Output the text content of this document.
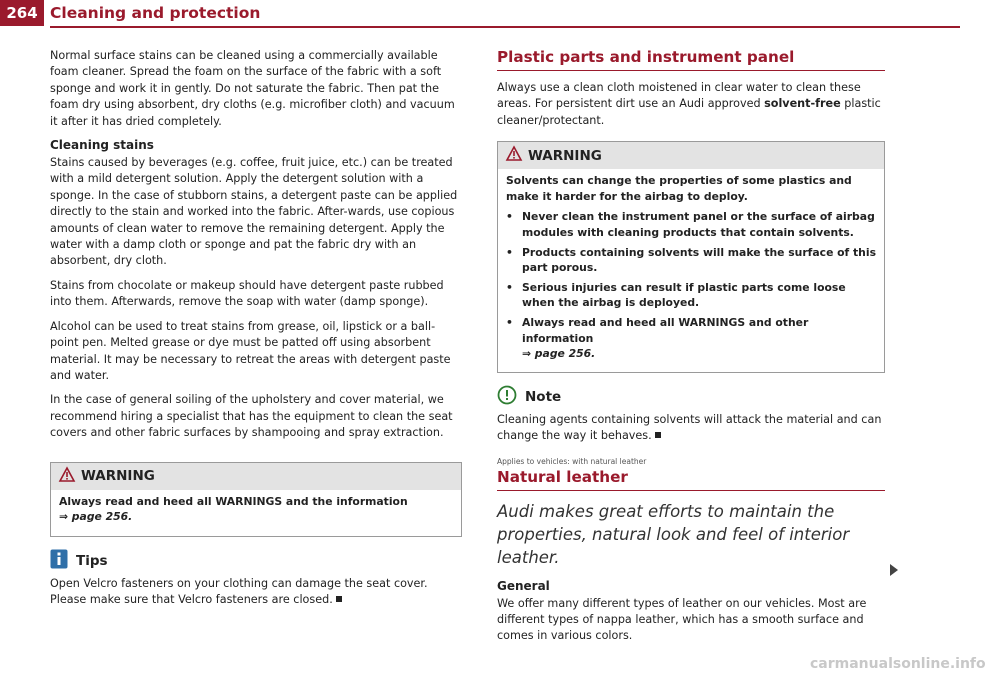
264 Cleaning and protection

Normal surface stains can be cleaned using a commercially available foam cleaner. Spread the foam on the surface of the fabric with a soft sponge and work it in gently. Do not saturate the fabric. Then pat the foam dry using absorbent, dry cloths (e.g. microfiber cloth) and vacuum it after it has dried completely.

Cleaning stains

Stains caused by beverages (e.g. coffee, fruit juice, etc.) can be treated with a mild detergent solution. Apply the detergent solution with a sponge. In the case of stubborn stains, a detergent paste can be applied directly to the stain and worked into the fabric. After-wards, use copious amounts of clean water to remove the remaining detergent. Apply the water with a damp cloth or sponge and pat the fabric dry with an absorbent, dry cloth.

Stains from chocolate or makeup should have detergent paste rubbed into them. Afterwards, remove the soap with water (damp sponge).

Alcohol can be used to treat stains from grease, oil, lipstick or a ball-point pen. Melted grease or dye must be patted off using absorbent material. It may be necessary to retreat the areas with detergent paste and water.

In the case of general soiling of the upholstery and cover material, we recommend hiring a specialist that has the equipment to clean the seat covers and other fabric surfaces by shampooing and spray extraction.

WARNING

Always read and heed all WARNINGS and the information
⇒ page 256.

Tips

Open Velcro fasteners on your clothing can damage the seat cover. Please make sure that Velcro fasteners are closed.

Plastic parts and instrument panel

Always use a clean cloth moistened in clear water to clean these areas. For persistent dirt use an Audi approved solvent-free plastic cleaner/protectant.

WARNING

Solvents can change the properties of some plastics and make it harder for the airbag to deploy.

• Never clean the instrument panel or the surface of airbag modules with cleaning products that contain solvents.
• Products containing solvents will make the surface of this part porous.
• Serious injuries can result if plastic parts come loose when the airbag is deployed.
• Always read and heed all WARNINGS and other information
⇒ page 256.
Note

Cleaning agents containing solvents will attack the material and can change the way it behaves.

Applies to vehicles: with natural leather
Natural leather
Audi makes great efforts to maintain the properties, natural look and feel of interior leather.
General

We offer many different types of leather on our vehicles. Most are different types of nappa leather, which has a smooth surface and comes in various colors.

carmanualsonline.info
